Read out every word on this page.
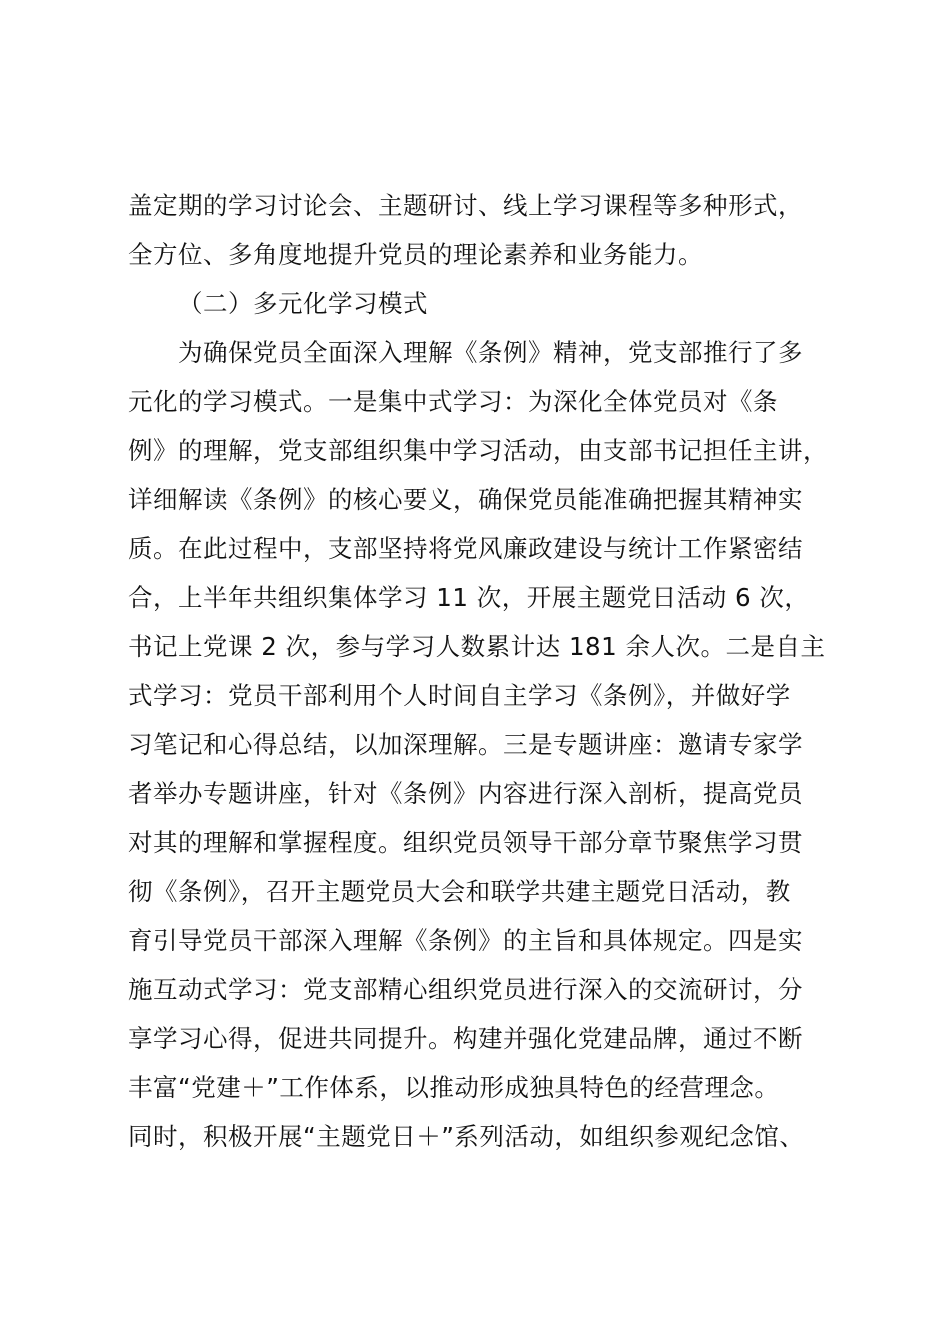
盖定期的学习讨论会、主题研讨、线上学习课程等多种形式，
全方位、多角度地提升党员的理论素养和业务能力。
（二）多元化学习模式
为确保党员全面深入理解《条例》精神，党支部推行了多
元化的学习模式。一是集中式学习：为深化全体党员对《条
例》的理解，党支部组织集中学习活动，由支部书记担任主讲，
详细解读《条例》的核心要义，确保党员能准确把握其精神实
质。在此过程中，支部坚持将党风廉政建设与统计工作紧密结
合，上半年共组织集体学习 11 次，开展主题党日活动 6 次，
书记上党课 2 次，参与学习人数累计达 181 余人次。二是自主
式学习：党员干部利用个人时间自主学习《条例》，并做好学
习笔记和心得总结，以加深理解。三是专题讲座：邀请专家学
者举办专题讲座，针对《条例》内容进行深入剖析，提高党员
对其的理解和掌握程度。组织党员领导干部分章节聚焦学习贯
彻《条例》，召开主题党员大会和联学共建主题党日活动，教
育引导党员干部深入理解《条例》的主旨和具体规定。四是实
施互动式学习：党支部精心组织党员进行深入的交流研讨，分
享学习心得，促进共同提升。构建并强化党建品牌，通过不断
丰富“党建＋”工作体系，以推动形成独具特色的经营理念。
同时，积极开展“主题党日＋”系列活动，如组织参观纪念馆、
